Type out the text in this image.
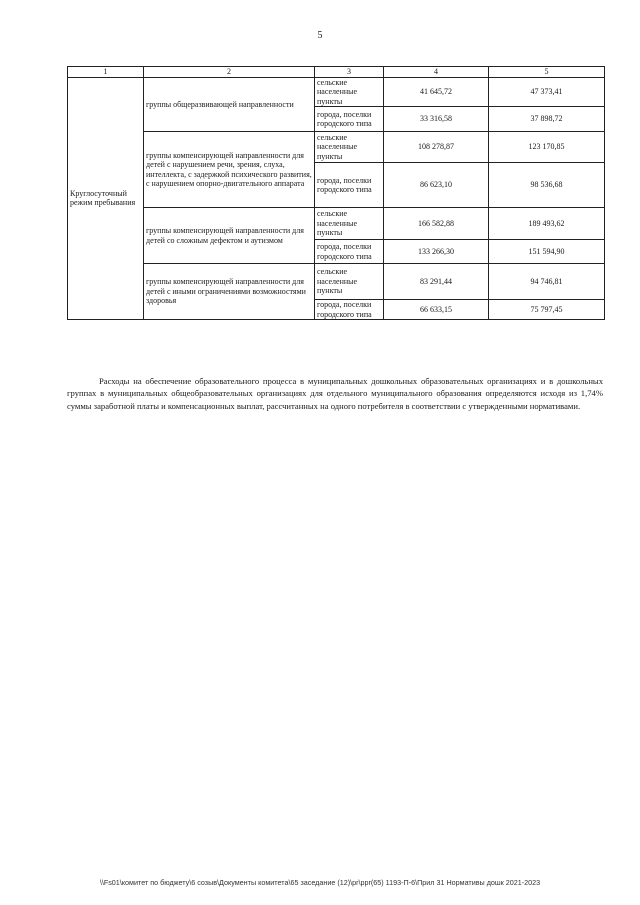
5
1	2	3	4	5
Круглосуточный режим пребывания	группы общеразвивающей направленности	сельские населенные пункты	41 645,72	47 373,41
		города, поселки городского типа	33 316,58	37 898,72
	группы компенсирующей направленности для детей с нарушением речи, зрения, слуха, интеллекта, с задержкой психического развития, с нарушением опорно-двигательного аппарата	сельские населенные пункты	108 278,87	123 170,85
		города, поселки городского типа	86 623,10	98 536,68
	группы компенсирующей направленности для детей со сложным дефектом и аутизмом	сельские населенные пункты	166 582,88	189 493,62
		города, поселки городского типа	133 266,30	151 594,90
	группы компенсирующей направленности для детей с иными ограничениями возможностями здоровья	сельские населенные пункты	83 291,44	94 746,81
		города, поселки городского типа	66 633,15	75 797,45

Расходы на обеспечение образовательного процесса в муниципальных дошкольных образовательных организациях и в дошкольных группах в муниципальных общеобразовательных организациях для отдельного муниципального образования определяются исходя из 1,74% суммы заработной платы и компенсационных выплат, рассчитанных на одного потребителя в соответствии с утвержденными нормативами.

\\Fs01\комитет по бюджету\6 созыв\Документы комитета\65 заседание (12)\pr\ppr(65) 1193-П-6\Прил 31 Нормативы дошк 2021-2023
